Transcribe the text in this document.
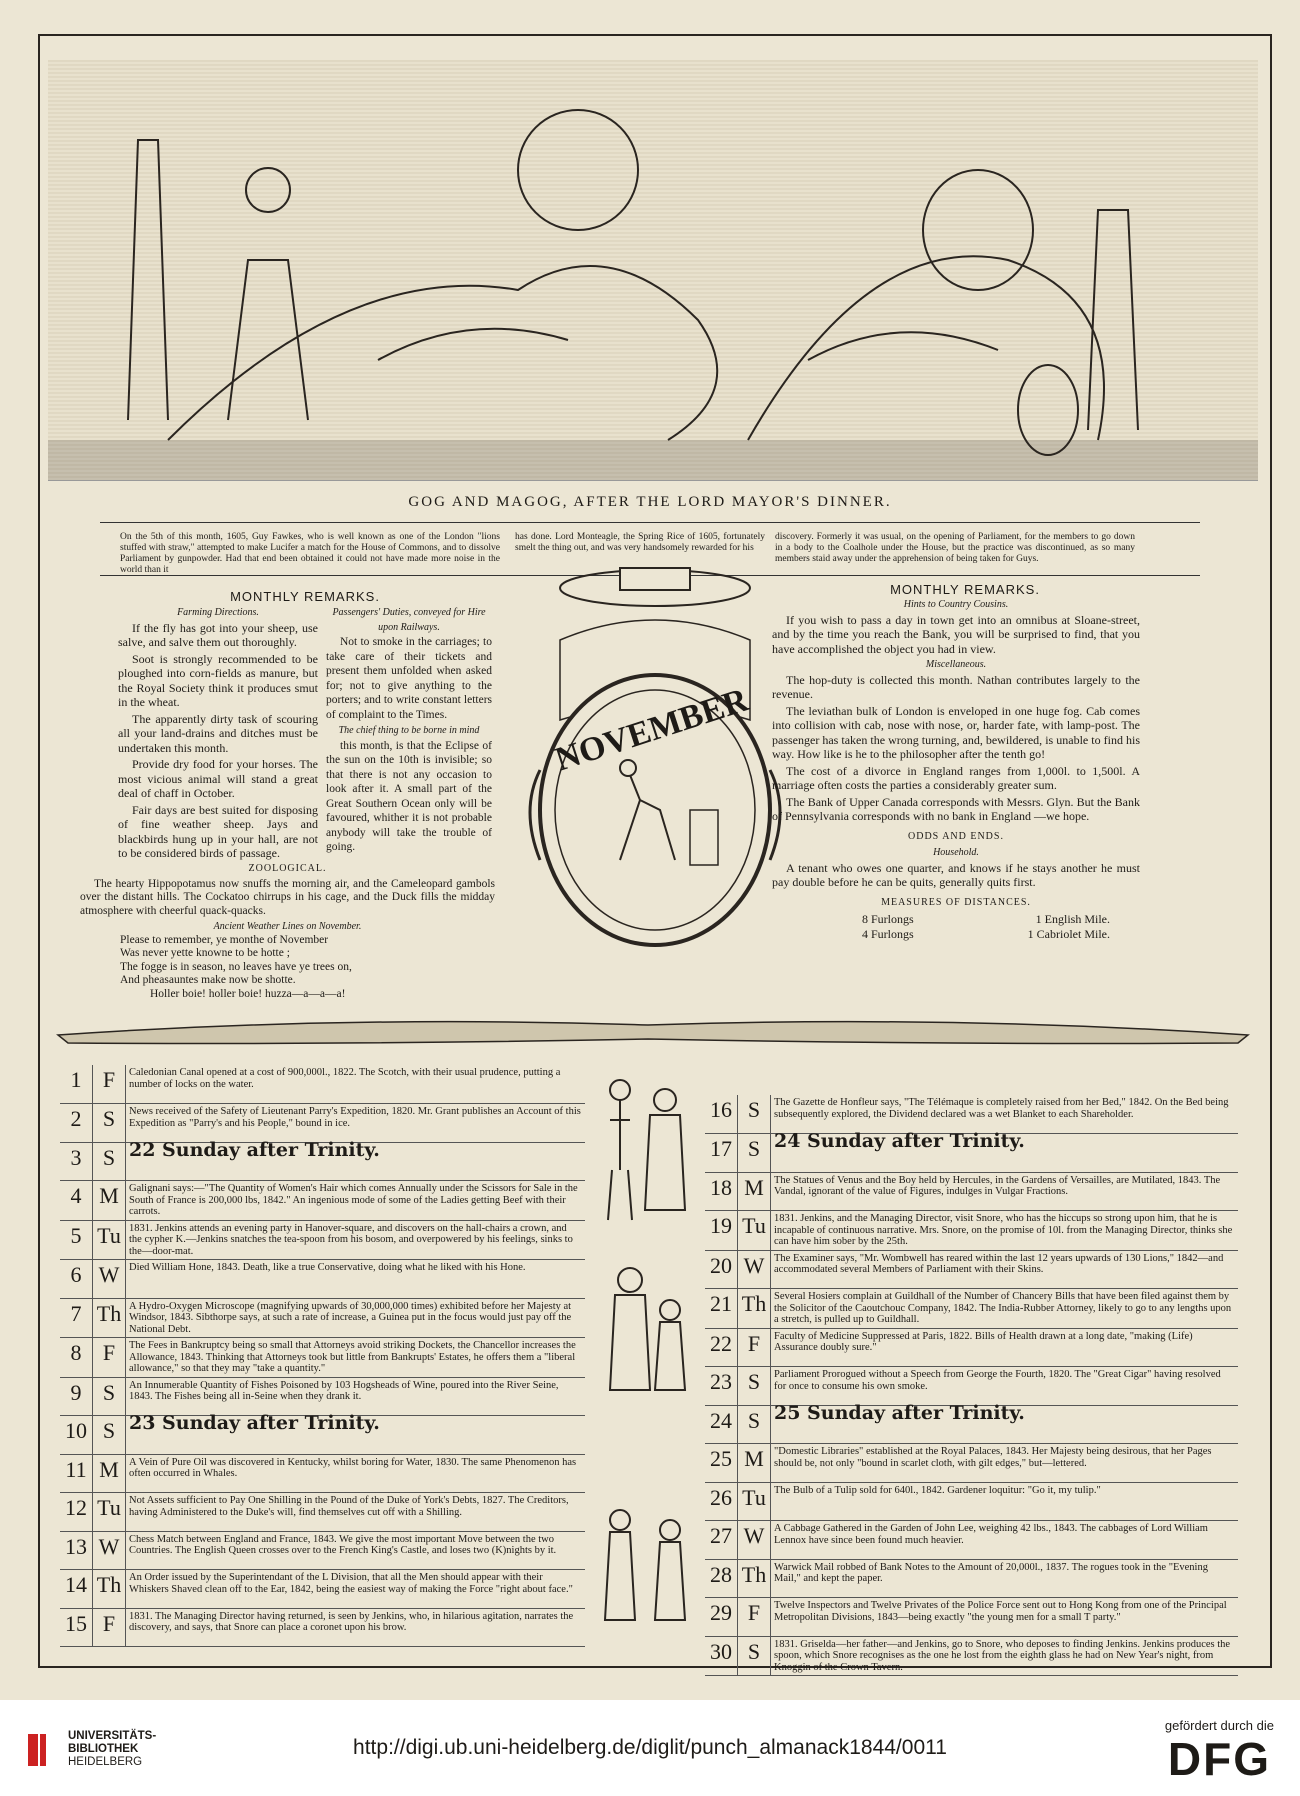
GOG AND MAGOG, AFTER THE LORD MAYOR'S DINNER.
On the 5th of this month, 1605, Guy Fawkes, who is well known as one of the London "lions stuffed with straw," attempted to make Lucifer a match for the House of Commons, and to dissolve Parliament by gunpowder. Had that end been obtained it could not have made more noise in the world than it
has done. Lord Monteagle, the Spring Rice of 1605, fortunately smelt the thing out, and was very handsomely rewarded for his
discovery. Formerly it was usual, on the opening of Parliament, for the members to go down in a body to the Coalhole under the House, but the practice was discontinued, as so many members staid away under the apprehension of being taken for Guys.
MONTHLY REMARKS.
Farming Directions.

If the fly has got into your sheep, use salve, and salve them out thoroughly.

Soot is strongly recommended to be ploughed into corn-fields as manure, but the Royal Society think it produces smut in the wheat.

The apparently dirty task of scouring all your land-drains and ditches must be undertaken this month.

Provide dry food for your horses. The most vicious animal will stand a great deal of chaff in October.

Fair days are best suited for disposing of fine weather sheep. Jays and blackbirds hung up in your hall, are not to be considered birds of passage.

Passengers' Duties, conveyed for Hire upon Railways.

Not to smoke in the carriages; to take care of their tickets and present them unfolded when asked for; not to give anything to the porters; and to write constant letters of complaint to the Times.

The chief thing to be borne in mind

this month, is that the Eclipse of the sun on the 10th is invisible; so that there is not any occasion to look after it. A small part of the Great Southern Ocean only will be favoured, whither it is not probable anybody will take the trouble of going.

ZOOLOGICAL.

The hearty Hippopotamus now snuffs the morning air, and the Cameleopard gambols over the distant hills. The Cockatoo chirrups in his cage, and the Duck fills the midday atmosphere with cheerful quack-quacks.

Ancient Weather Lines on November.
Please to remember, ye monthe of November
Was never yette knowne to be hotte ;
The fogge is in season, no leaves have ye trees on,
And pheasauntes make now be shotte.
Holler boie! holler boie! huzza—a—a—a!
NOVEMBER
MONTHLY REMARKS.
Hints to Country Cousins.

If you wish to pass a day in town get into an omnibus at Sloane-street, and by the time you reach the Bank, you will be surprised to find, that you have accomplished the object you had in view.

Miscellaneous.

The hop-duty is collected this month. Nathan contributes largely to the revenue.

The leviathan bulk of London is enveloped in one huge fog. Cab comes into collision with cab, nose with nose, or, harder fate, with lamp-post. The passenger has taken the wrong turning, and, bewildered, is unable to find his way. How like is he to the philosopher after the tenth go!

The cost of a divorce in England ranges from 1,000l. to 1,500l. A marriage often costs the parties a considerably greater sum.

The Bank of Upper Canada corresponds with Messrs. Glyn. But the Bank of Pennsylvania corresponds with no bank in England —we hope.

ODDS AND ENDS.
Household.

A tenant who owes one quarter, and knows if he stays another he must pay double before he can be quits, generally quits first.

MEASURES OF DISTANCES.
8 Furlongs	1 English Mile.
4 Furlongs	1 Cabriolet Mile.
1	F	Caledonian Canal opened at a cost of 900,000l., 1822. The Scotch, with their usual prudence, putting a number of locks on the water.
2	S	News received of the Safety of Lieutenant Parry's Expedition, 1820. Mr. Grant publishes an Account of this Expedition as "Parry's and his People," bound in ice.
3	S	22 Sunday after Trinity.
4	M	Galignani says:—"The Quantity of Women's Hair which comes Annually under the Scissors for Sale in the South of France is 200,000 lbs, 1842." An ingenious mode of some of the Ladies getting Beef with their carrots.
5	Tu	1831. Jenkins attends an evening party in Hanover-square, and discovers on the hall-chairs a crown, and the cypher K.—Jenkins snatches the tea-spoon from his bosom, and overpowered by his feelings, sinks to the—door-mat.
6	W	Died William Hone, 1843. Death, like a true Conservative, doing what he liked with his Hone.
7	Th	A Hydro-Oxygen Microscope (magnifying upwards of 30,000,000 times) exhibited before her Majesty at Windsor, 1843. Sibthorpe says, at such a rate of increase, a Guinea put in the focus would just pay off the National Debt.
8	F	The Fees in Bankruptcy being so small that Attorneys avoid striking Dockets, the Chancellor increases the Allowance, 1843. Thinking that Attorneys took but little from Bankrupts' Estates, he offers them a "liberal allowance," so that they may "take a quantity."
9	S	An Innumerable Quantity of Fishes Poisoned by 103 Hogsheads of Wine, poured into the River Seine, 1843. The Fishes being all in-Seine when they drank it.
10	S	23 Sunday after Trinity.
11	M	A Vein of Pure Oil was discovered in Kentucky, whilst boring for Water, 1830. The same Phenomenon has often occurred in Whales.
12	Tu	Not Assets sufficient to Pay One Shilling in the Pound of the Duke of York's Debts, 1827. The Creditors, having Administered to the Duke's will, find themselves cut off with a Shilling.
13	W	Chess Match between England and France, 1843. We give the most important Move between the two Countries. The English Queen crosses over to the French King's Castle, and loses two (K)nights by it.
14	Th	An Order issued by the Superintendant of the L Division, that all the Men should appear with their Whiskers Shaved clean off to the Ear, 1842, being the easiest way of making the Force "right about face."
15	F	1831. The Managing Director having returned, is seen by Jenkins, who, in hilarious agitation, narrates the discovery, and says, that Snore can place a coronet upon his brow.
16	S	The Gazette de Honfleur says, "The Télémaque is completely raised from her Bed," 1842. On the Bed being subsequently explored, the Dividend declared was a wet Blanket to each Shareholder.
17	S	24 Sunday after Trinity.
18	M	The Statues of Venus and the Boy held by Hercules, in the Gardens of Versailles, are Mutilated, 1843. The Vandal, ignorant of the value of Figures, indulges in Vulgar Fractions.
19	Tu	1831. Jenkins, and the Managing Director, visit Snore, who has the hiccups so strong upon him, that he is incapable of continuous narrative. Mrs. Snore, on the promise of 10l. from the Managing Director, thinks she can have him sober by the 25th.
20	W	The Examiner says, "Mr. Wombwell has reared within the last 12 years upwards of 130 Lions," 1842—and accommodated several Members of Parliament with their Skins.
21	Th	Several Hosiers complain at Guildhall of the Number of Chancery Bills that have been filed against them by the Solicitor of the Caoutchouc Company, 1842. The India-Rubber Attorney, likely to go to any lengths upon a stretch, is pulled up to Guildhall.
22	F	Faculty of Medicine Suppressed at Paris, 1822. Bills of Health drawn at a long date, "making (Life) Assurance doubly sure."
23	S	Parliament Prorogued without a Speech from George the Fourth, 1820. The "Great Cigar" having resolved for once to consume his own smoke.
24	S	25 Sunday after Trinity.
25	M	"Domestic Libraries" established at the Royal Palaces, 1843. Her Majesty being desirous, that her Pages should be, not only "bound in scarlet cloth, with gilt edges," but—lettered.
26	Tu	The Bulb of a Tulip sold for 640l., 1842. Gardener loquitur: "Go it, my tulip."
27	W	A Cabbage Gathered in the Garden of John Lee, weighing 42 lbs., 1843. The cabbages of Lord William Lennox have since been found much heavier.
28	Th	Warwick Mail robbed of Bank Notes to the Amount of 20,000l., 1837. The rogues took in the "Evening Mail," and kept the paper.
29	F	Twelve Inspectors and Twelve Privates of the Police Force sent out to Hong Kong from one of the Principal Metropolitan Divisions, 1843—being exactly "the young men for a small T party."
30	S	1831. Griselda—her father—and Jenkins, go to Snore, who deposes to finding Jenkins. Jenkins produces the spoon, which Snore recognises as the one he lost from the eighth glass he had on New Year's night, from Knoggin of the Crown Tavern.
UNIVERSITÄTS-
BIBLIOTHEK
HEIDELBERG
http://digi.ub.uni-heidelberg.de/diglit/punch_almanack1844/0011
gefördert durch die
DFG
